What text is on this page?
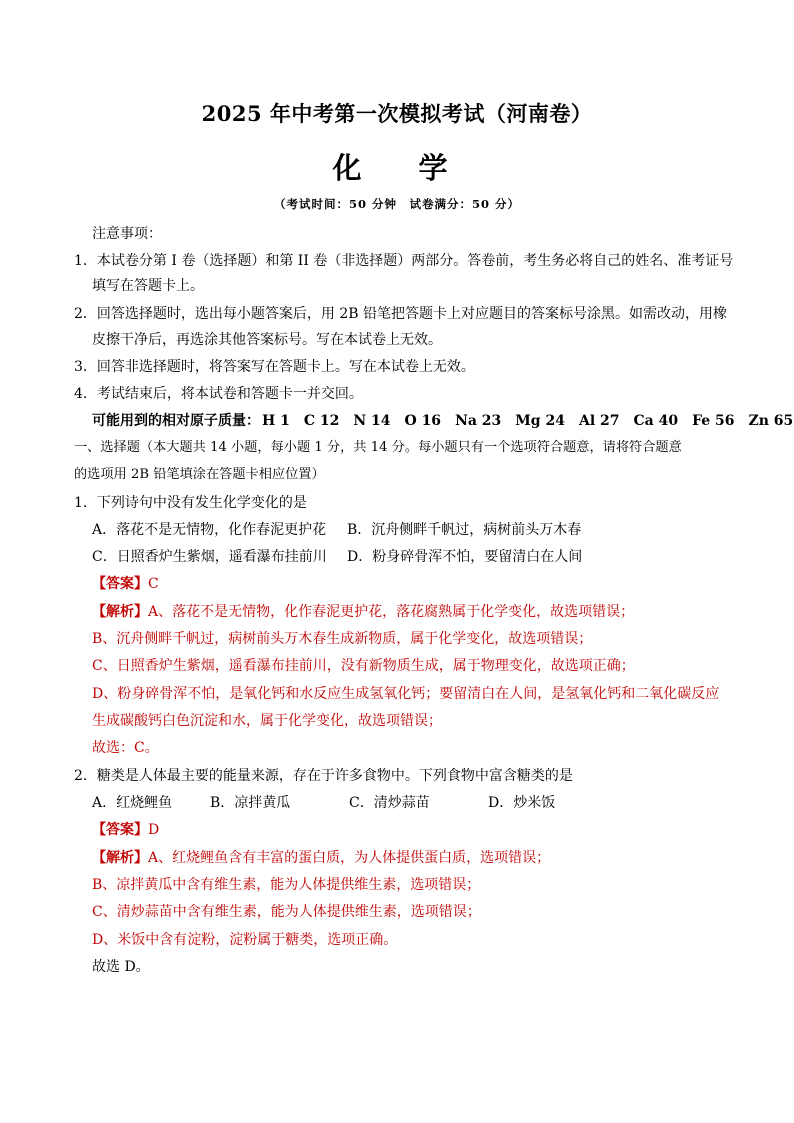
2025 年中考第一次模拟考试（河南卷）
化　学
（考试时间：50 分钟　试卷满分：50 分）
注意事项：
1．本试卷分第 I 卷（选择题）和第 II 卷（非选择题）两部分。答卷前，考生务必将自己的姓名、准考证号
填写在答题卡上。
2．回答选择题时，选出每小题答案后，用 2B 铅笔把答题卡上对应题目的答案标号涂黑。如需改动，用橡
皮擦干净后，再选涂其他答案标号。写在本试卷上无效。
3．回答非选择题时，将答案写在答题卡上。写在本试卷上无效。
4．考试结束后，将本试卷和答题卡一并交回。
可能用到的相对原子质量： H 1 C 12 N 14 O 16 Na 23 Mg 24 Al 27 Ca 40 Fe 56 Zn 65
一、选择题（本大题共 14 小题，每小题 1 分，共 14 分。每小题只有一个选项符合题意，请将符合题意
的选项用 2B 铅笔填涂在答题卡相应位置）
1．下列诗句中没有发生化学变化的是
A．落花不是无情物，化作春泥更护花 B．沉舟侧畔千帆过，病树前头万木春
C．日照香炉生紫烟，遥看瀑布挂前川 D．粉身碎骨浑不怕，要留清白在人间
【答案】C
【解析】A、落花不是无情物，化作春泥更护花，落花腐熟属于化学变化，故选项错误；
B、沉舟侧畔千帆过，病树前头万木春生成新物质，属于化学变化，故选项错误；
C、日照香炉生紫烟，遥看瀑布挂前川，没有新物质生成，属于物理变化，故选项正确；
D、粉身碎骨浑不怕，是氧化钙和水反应生成氢氧化钙；要留清白在人间，是氢氧化钙和二氧化碳反应
生成碳酸钙白色沉淀和水，属于化学变化，故选项错误；
故选：C。
2．糖类是人体最主要的能量来源，存在于许多食物中。下列食物中富含糖类的是
A．红烧鲤鱼	B．凉拌黄瓜	C．清炒蒜苗	D．炒米饭
【答案】D
【解析】A、红烧鲤鱼含有丰富的蛋白质，为人体提供蛋白质，选项错误；
B、凉拌黄瓜中含有维生素，能为人体提供维生素，选项错误；
C、清炒蒜苗中含有维生素，能为人体提供维生素，选项错误；
D、米饭中含有淀粉，淀粉属于糖类，选项正确。
故选 D。
